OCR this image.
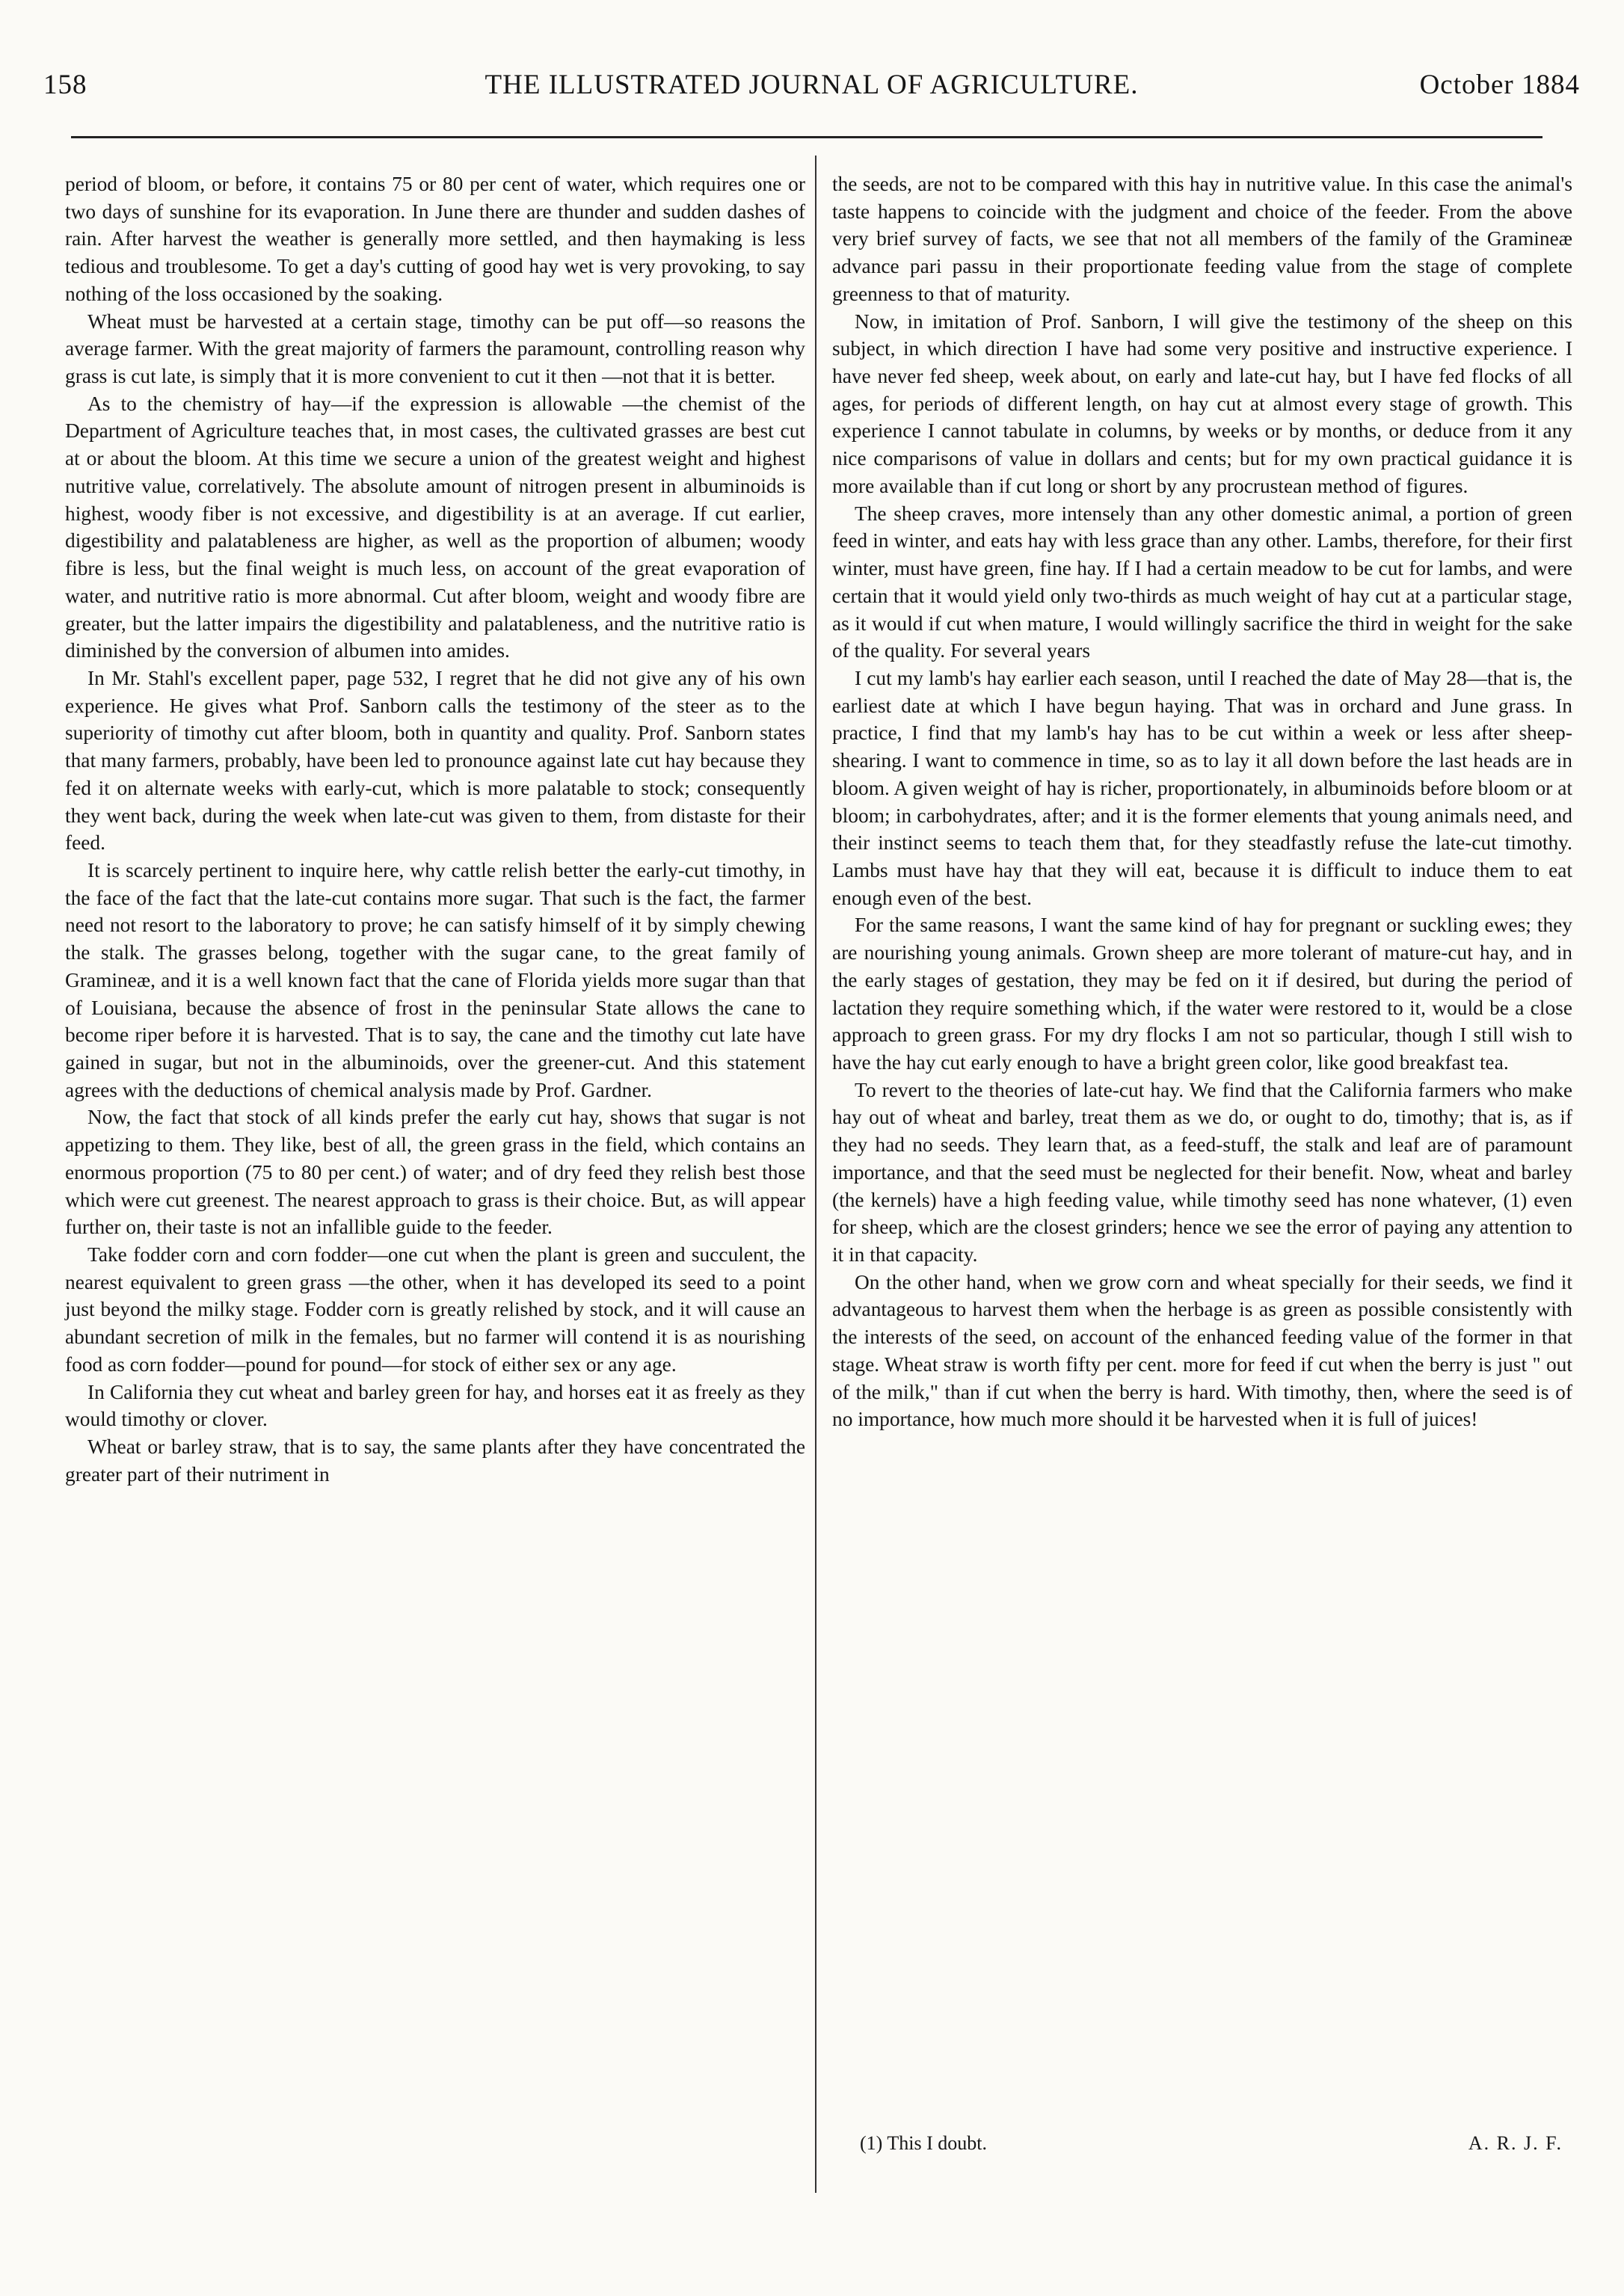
158	THE ILLUSTRATED JOURNAL OF AGRICULTURE.	October 1884

period of bloom, or before, it contains 75 or 80 per cent of water, which requires one or two days of sunshine for its evaporation. In June there are thunder and sudden dashes of rain. After harvest the weather is generally more settled, and then haymaking is less tedious and troublesome. To get a day's cutting of good hay wet is very provoking, to say nothing of the loss occasioned by the soaking.

Wheat must be harvested at a certain stage, timothy can be put off—so reasons the average farmer. With the great majority of farmers the paramount, controlling reason why grass is cut late, is simply that it is more convenient to cut it then —not that it is better.

As to the chemistry of hay—if the expression is allowable —the chemist of the Department of Agriculture teaches that, in most cases, the cultivated grasses are best cut at or about the bloom. At this time we secure a union of the greatest weight and highest nutritive value, correlatively. The absolute amount of nitrogen present in albuminoids is highest, woody fiber is not excessive, and digestibility is at an average. If cut earlier, digestibility and palatableness are higher, as well as the proportion of albumen; woody fibre is less, but the final weight is much less, on account of the great evaporation of water, and nutritive ratio is more abnormal. Cut after bloom, weight and woody fibre are greater, but the latter impairs the digestibility and palatableness, and the nutritive ratio is diminished by the conversion of albumen into amides.

In Mr. Stahl's excellent paper, page 532, I regret that he did not give any of his own experience. He gives what Prof. Sanborn calls the testimony of the steer as to the superiority of timothy cut after bloom, both in quantity and quality. Prof. Sanborn states that many farmers, probably, have been led to pronounce against late cut hay because they fed it on alternate weeks with early-cut, which is more palatable to stock; consequently they went back, during the week when late-cut was given to them, from distaste for their feed.

It is scarcely pertinent to inquire here, why cattle relish better the early-cut timothy, in the face of the fact that the late-cut contains more sugar. That such is the fact, the farmer need not resort to the laboratory to prove; he can satisfy himself of it by simply chewing the stalk. The grasses belong, together with the sugar cane, to the great family of Gramineæ, and it is a well known fact that the cane of Florida yields more sugar than that of Louisiana, because the absence of frost in the peninsular State allows the cane to become riper before it is harvested. That is to say, the cane and the timothy cut late have gained in sugar, but not in the albuminoids, over the greener-cut. And this statement agrees with the deductions of chemical analysis made by Prof. Gardner.

Now, the fact that stock of all kinds prefer the early cut hay, shows that sugar is not appetizing to them. They like, best of all, the green grass in the field, which contains an enormous proportion (75 to 80 per cent.) of water; and of dry feed they relish best those which were cut greenest. The nearest approach to grass is their choice. But, as will appear further on, their taste is not an infallible guide to the feeder.

Take fodder corn and corn fodder—one cut when the plant is green and succulent, the nearest equivalent to green grass —the other, when it has developed its seed to a point just beyond the milky stage. Fodder corn is greatly relished by stock, and it will cause an abundant secretion of milk in the females, but no farmer will contend it is as nourishing food as corn fodder—pound for pound—for stock of either sex or any age.

In California they cut wheat and barley green for hay, and horses eat it as freely as they would timothy or clover.

Wheat or barley straw, that is to say, the same plants after they have concentrated the greater part of their nutriment in

the seeds, are not to be compared with this hay in nutritive value. In this case the animal's taste happens to coincide with the judgment and choice of the feeder. From the above very brief survey of facts, we see that not all members of the family of the Gramineæ advance pari passu in their proportionate feeding value from the stage of complete greenness to that of maturity.

Now, in imitation of Prof. Sanborn, I will give the testimony of the sheep on this subject, in which direction I have had some very positive and instructive experience. I have never fed sheep, week about, on early and late-cut hay, but I have fed flocks of all ages, for periods of different length, on hay cut at almost every stage of growth. This experience I cannot tabulate in columns, by weeks or by months, or deduce from it any nice comparisons of value in dollars and cents; but for my own practical guidance it is more available than if cut long or short by any procrustean method of figures.

The sheep craves, more intensely than any other domestic animal, a portion of green feed in winter, and eats hay with less grace than any other. Lambs, therefore, for their first winter, must have green, fine hay. If I had a certain meadow to be cut for lambs, and were certain that it would yield only two-thirds as much weight of hay cut at a particular stage, as it would if cut when mature, I would willingly sacrifice the third in weight for the sake of the quality. For several years

I cut my lamb's hay earlier each season, until I reached the date of May 28—that is, the earliest date at which I have begun haying. That was in orchard and June grass. In practice, I find that my lamb's hay has to be cut within a week or less after sheep-shearing. I want to commence in time, so as to lay it all down before the last heads are in bloom. A given weight of hay is richer, proportionately, in albuminoids before bloom or at bloom; in carbohydrates, after; and it is the former elements that young animals need, and their instinct seems to teach them that, for they steadfastly refuse the late-cut timothy. Lambs must have hay that they will eat, because it is difficult to induce them to eat enough even of the best.

For the same reasons, I want the same kind of hay for pregnant or suckling ewes; they are nourishing young animals. Grown sheep are more tolerant of mature-cut hay, and in the early stages of gestation, they may be fed on it if desired, but during the period of lactation they require something which, if the water were restored to it, would be a close approach to green grass. For my dry flocks I am not so particular, though I still wish to have the hay cut early enough to have a bright green color, like good breakfast tea.

To revert to the theories of late-cut hay. We find that the California farmers who make hay out of wheat and barley, treat them as we do, or ought to do, timothy; that is, as if they had no seeds. They learn that, as a feed-stuff, the stalk and leaf are of paramount importance, and that the seed must be neglected for their benefit. Now, wheat and barley (the kernels) have a high feeding value, while timothy seed has none whatever, (1) even for sheep, which are the closest grinders; hence we see the error of paying any attention to it in that capacity.

On the other hand, when we grow corn and wheat specially for their seeds, we find it advantageous to harvest them when the herbage is as green as possible consistently with the interests of the seed, on account of the enhanced feeding value of the former in that stage. Wheat straw is worth fifty per cent. more for feed if cut when the berry is just " out of the milk," than if cut when the berry is hard. With timothy, then, where the seed is of no importance, how much more should it be harvested when it is full of juices!

(1) This I doubt.	A. R. J. F.
